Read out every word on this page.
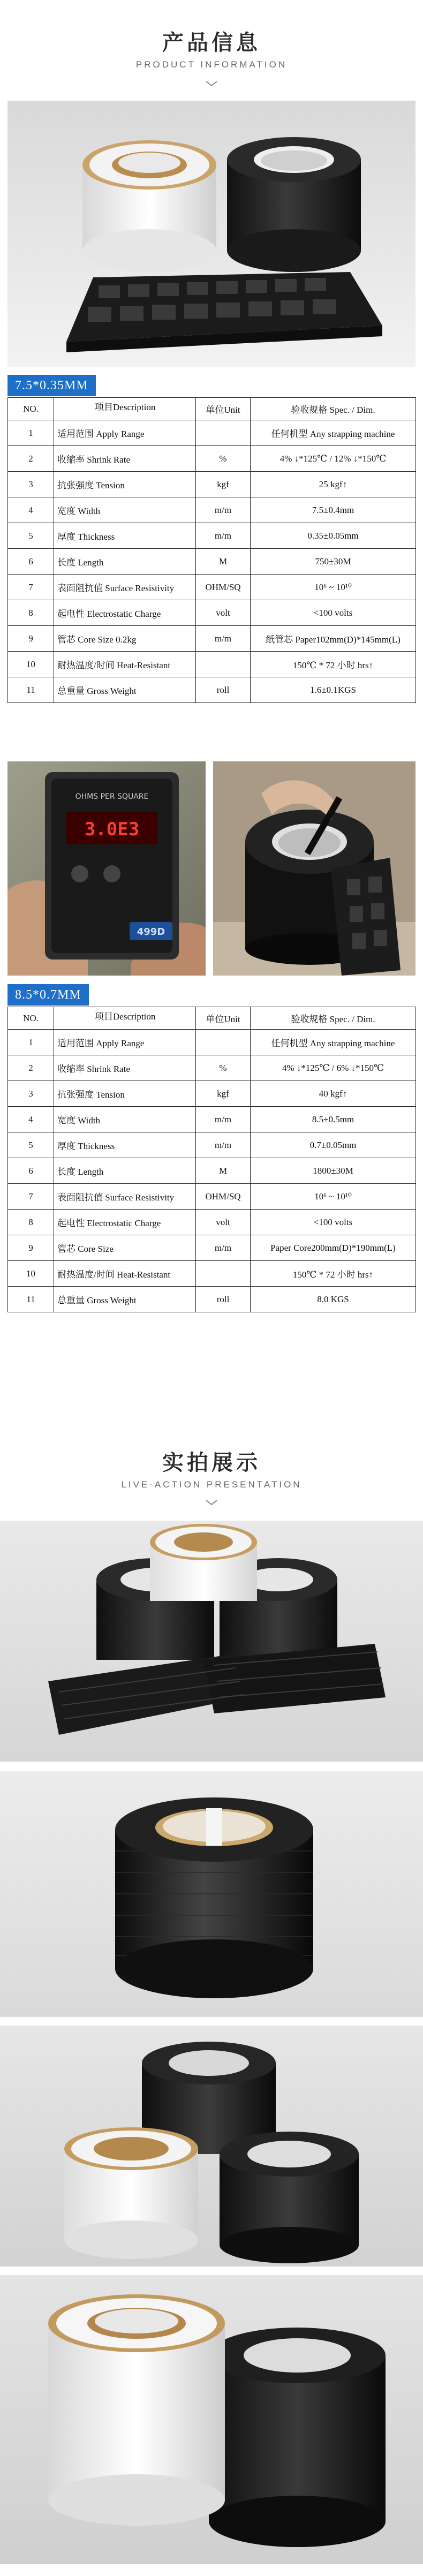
产品信息
PRODUCT INFORMATION
7.5*0.35MM
NO.	项目Description	单位Unit	验收规格 Spec. / Dim.
1	适用范围 Apply Range		任何机型 Any strapping machine
2	收缩率 Shrink Rate	%	4% ↓*125℃ / 12% ↓*150℃
3	抗张强度 Tension	kgf	25 kgf↑
4	宽度 Width	m/m	7.5±0.4mm
5	厚度 Thickness	m/m	0.35±0.05mm
6	长度 Length	M	750±30M
7	表面阻抗值 Surface Resistivity	OHM/SQ	10⁶ ~ 10¹⁰
8	起电性 Electrostatic Charge	volt	<100 volts
9	管芯 Core Size 0.2kg	m/m	纸管芯 Paper102mm(D)*145mm(L)
10	耐热温度/时间 Heat-Resistant		150℃ * 72 小时 hrs↑
11	总重量 Gross Weight	roll	1.6±0.1KGS
OHMS PER SQUARE
3.0E3
499D
8.5*0.7MM
NO.	项目Description	单位Unit	验收规格 Spec. / Dim.
1	适用范围 Apply Range		任何机型 Any strapping machine
2	收缩率 Shrink Rate	%	4% ↓*125℃ / 6% ↓*150℃
3	抗张强度 Tension	kgf	40 kgf↑
4	宽度 Width	m/m	8.5±0.5mm
5	厚度 Thickness	m/m	0.7±0.05mm
6	长度 Length	M	1800±30M
7	表面阻抗值 Surface Resistivity	OHM/SQ	10⁶ ~ 10¹⁰
8	起电性 Electrostatic Charge	volt	<100 volts
9	管芯 Core Size	m/m	Paper Core200mm(D)*190mm(L)
10	耐热温度/时间 Heat-Resistant		150℃ * 72 小时 hrs↑
11	总重量 Gross Weight	roll	8.0 KGS
实拍展示
LIVE-ACTION PRESENTATION
